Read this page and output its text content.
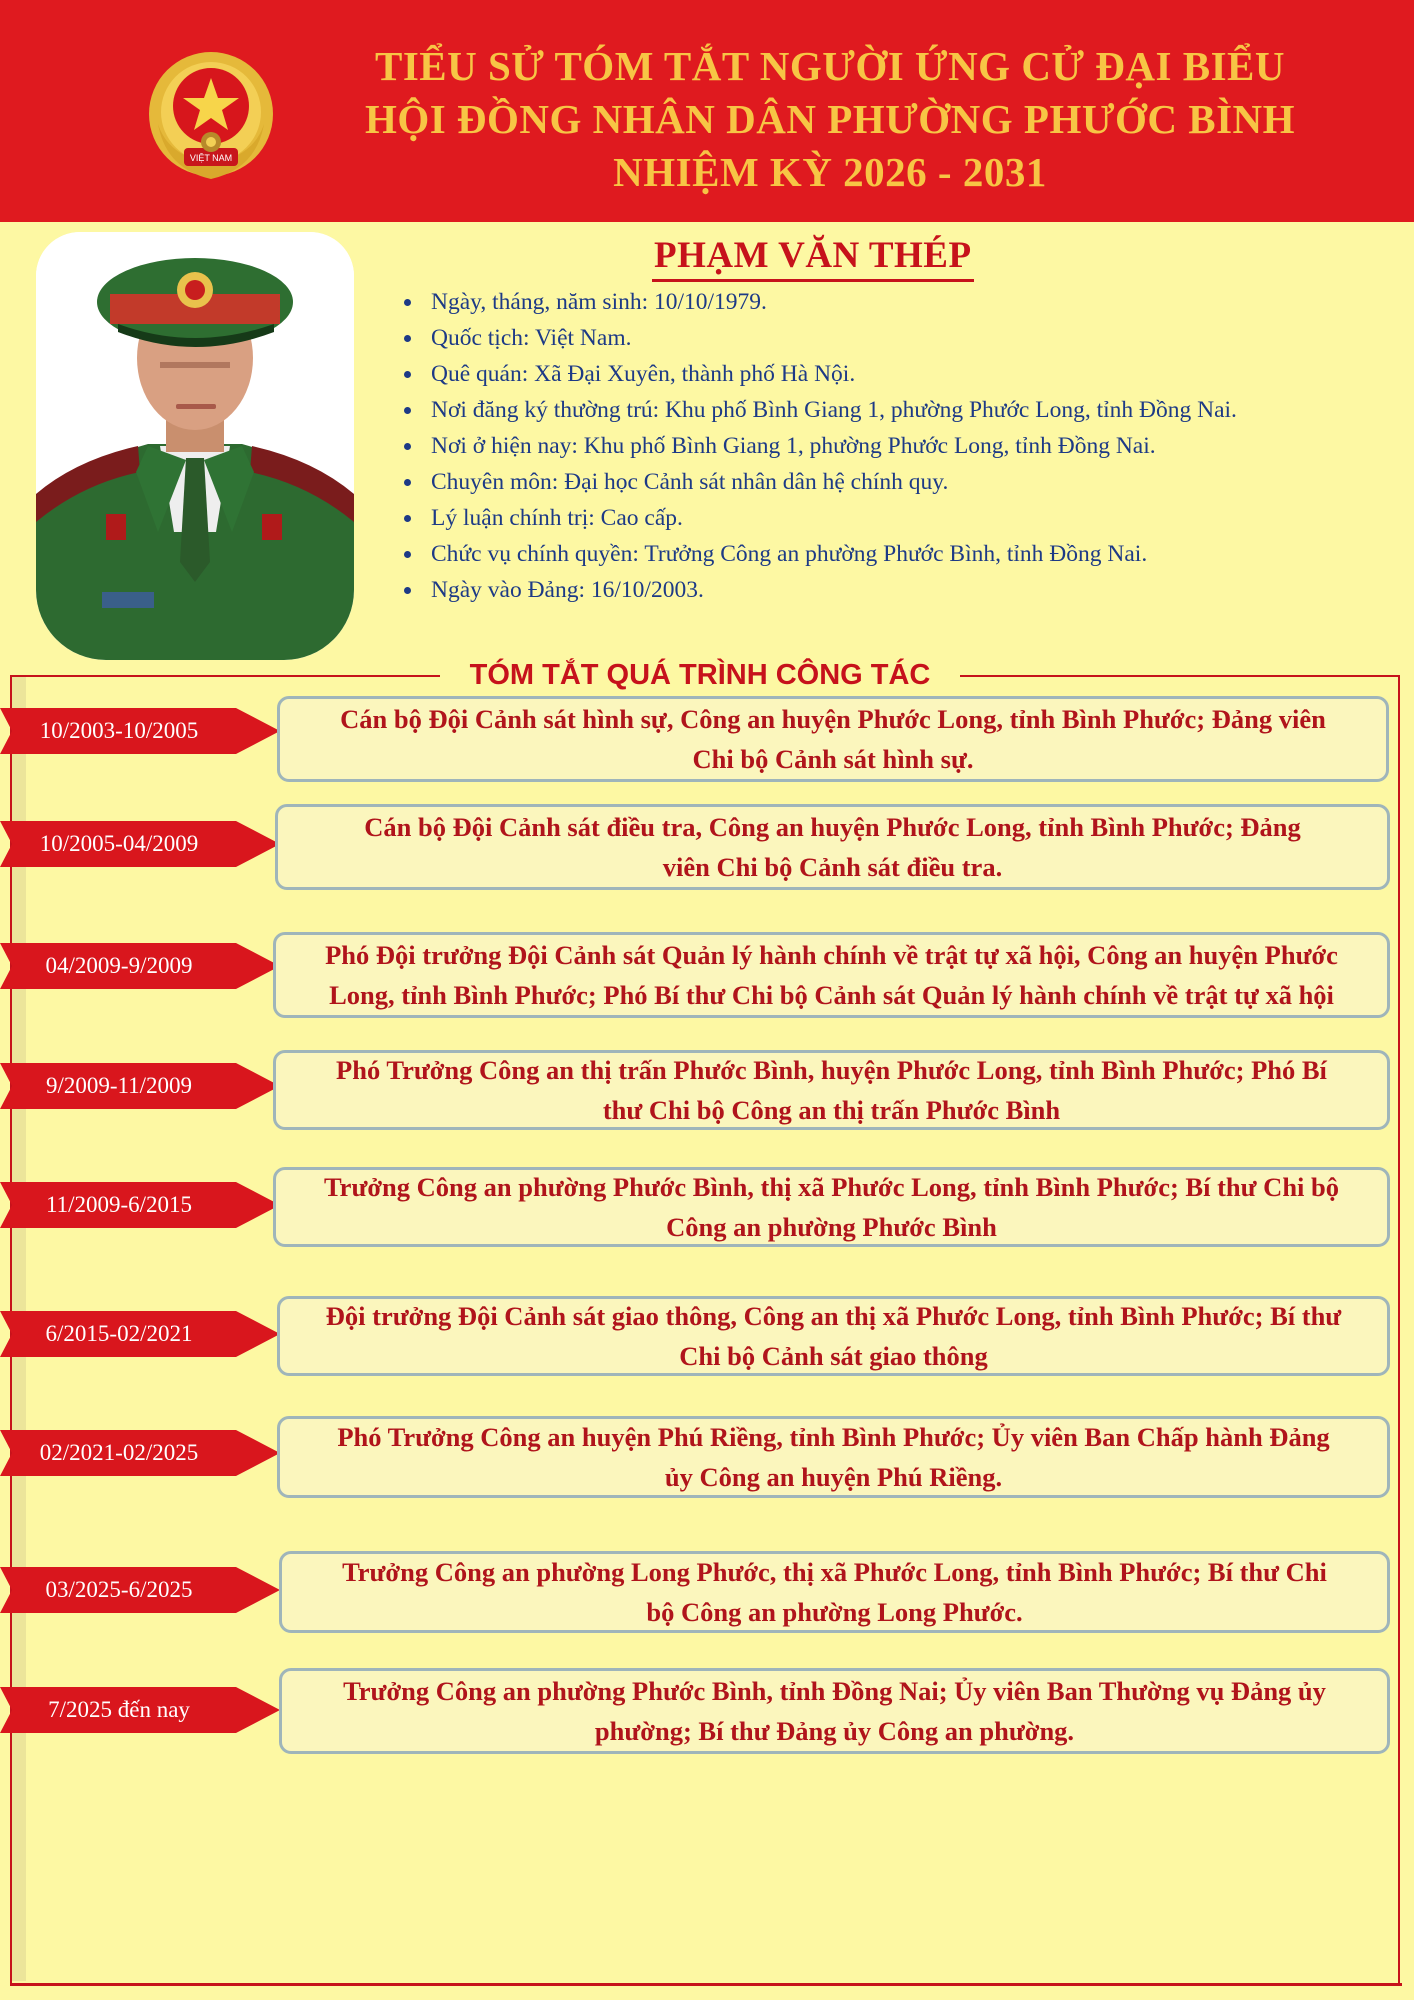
VIỆT NAM
TIỂU SỬ TÓM TẮT NGƯỜI ỨNG CỬ ĐẠI BIỂU
HỘI ĐỒNG NHÂN DÂN PHƯỜNG PHƯỚC BÌNH
NHIỆM KỲ 2026 - 2031
PHẠM VĂN THÉP
Ngày, tháng, năm sinh: 10/10/1979.
Quốc tịch: Việt Nam.
Quê quán: Xã Đại Xuyên, thành phố Hà Nội.
Nơi đăng ký thường trú: Khu phố Bình Giang 1, phường Phước Long, tỉnh Đồng Nai.
Nơi ở hiện nay: Khu phố Bình Giang 1, phường Phước Long, tỉnh Đồng Nai.
Chuyên môn: Đại học Cảnh sát nhân dân hệ chính quy.
Lý luận chính trị: Cao cấp.
Chức vụ chính quyền: Trưởng Công an phường Phước Bình, tỉnh Đồng Nai.
Ngày vào Đảng: 16/10/2003.
TÓM TẮT QUÁ TRÌNH CÔNG TÁC
10/2003-10/2005	Cán bộ Đội Cảnh sát hình sự, Công an huyện Phước Long, tỉnh Bình Phước; Đảng viên
Chi bộ Cảnh sát hình sự.
10/2005-04/2009
Cán bộ Đội Cảnh sát điều tra, Công an huyện Phước Long, tỉnh Bình Phước; Đảng
viên Chi bộ Cảnh sát điều tra.
04/2009-9/2009	Phó Đội trưởng Đội Cảnh sát Quản lý hành chính về trật tự xã hội, Công an huyện Phước
Long, tỉnh Bình Phước; Phó Bí thư Chi bộ Cảnh sát Quản lý hành chính về trật tự xã hội
9/2009-11/2009
Phó Trưởng Công an thị trấn Phước Bình, huyện Phước Long, tỉnh Bình Phước; Phó Bí
thư Chi bộ Công an thị trấn Phước Bình
11/2009-6/2015
Trưởng Công an phường Phước Bình, thị xã Phước Long, tỉnh Bình Phước; Bí thư Chi bộ
Công an phường Phước Bình
6/2015-02/2021
Đội trưởng Đội Cảnh sát giao thông, Công an thị xã Phước Long, tỉnh Bình Phước; Bí thư
Chi bộ Cảnh sát giao thông
02/2021-02/2025
Phó Trưởng Công an huyện Phú Riềng, tỉnh Bình Phước; Ủy viên Ban Chấp hành Đảng
ủy Công an huyện Phú Riềng.
03/2025-6/2025
Trưởng Công an phường Long Phước, thị xã Phước Long, tỉnh Bình Phước; Bí thư Chi
bộ Công an phường Long Phước.
7/2025 đến nay
Trưởng Công an phường Phước Bình, tỉnh Đồng Nai; Ủy viên Ban Thường vụ Đảng ủy
phường; Bí thư Đảng ủy Công an phường.
